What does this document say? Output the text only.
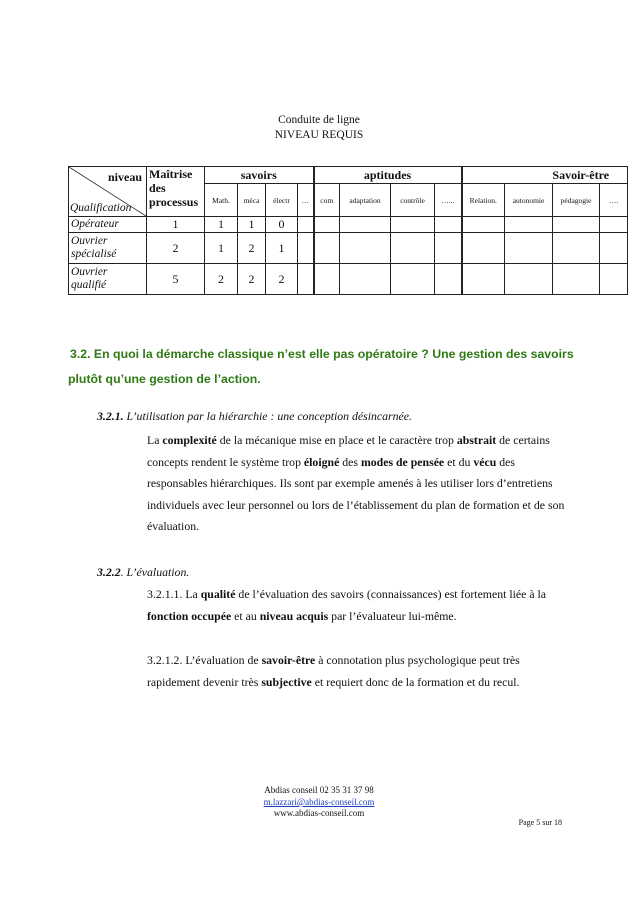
Conduite de ligne
NIVEAU REQUIS
niveau
Qualification	Maîtrise des processus	savoirs				aptitudes				Savoir-être			
		Math.	méca	électr	…	com	adaptation	contrôle	…...	Relation.	autonomie	pédagogie	….
Opérateur	1	1	1	0									
Ouvrier spécialisé	2	1	2	1									
Ouvrier qualifié	5	2	2	2									
3.2. En quoi la démarche classique n’est elle pas opératoire ? Une gestion des savoirs plutôt qu’une gestion de l’action.
3.2.1. L’utilisation par la hiérarchie : une conception désincarnée.
La complexité de la mécanique mise en place et le caractère trop abstrait de certains concepts rendent le système trop éloigné des modes de pensée et du vécu des responsables hiérarchiques. Ils sont par exemple amenés à les utiliser lors d’entretiens individuels avec leur personnel ou lors de l’établissement du plan de formation et de son évaluation.
3.2.2. L’évaluation.
3.2.1.1. La qualité de l’évaluation des savoirs (connaissances) est fortement liée à la fonction occupée et au niveau acquis par l’évaluateur lui-même.
3.2.1.2. L’évaluation de savoir-être à connotation plus psychologique peut très rapidement devenir très subjective et requiert donc de la formation et du recul.
Abdias conseil 02 35 31 37 98
m.lazzari@abdias-conseil.com
www.abdias-conseil.com
Page 5 sur 18
